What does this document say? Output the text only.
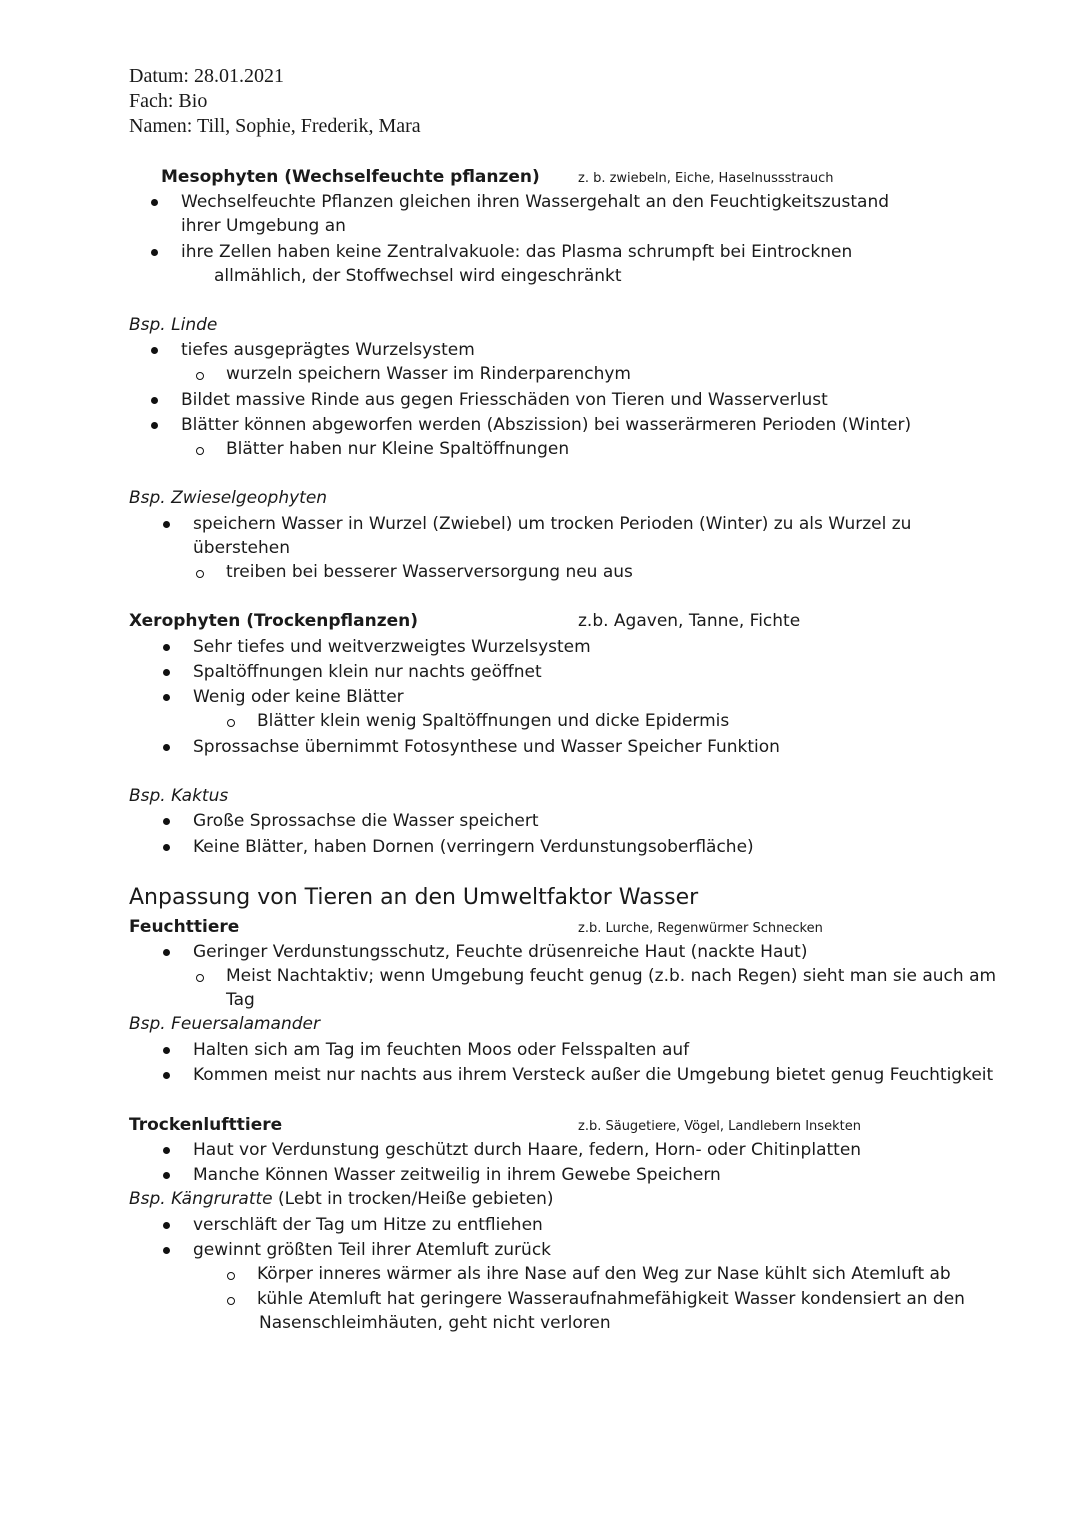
Datum: 28.01.2021
Fach: Bio
Namen: Till, Sophie, Frederik, Mara
Mesophyten (Wechselfeuchte pflanzen)	z. b. zwiebeln, Eiche, Haselnussstrauch
Wechselfeuchte Pflanzen gleichen ihren Wassergehalt an den Feuchtigkeitszustand
ihrer Umgebung an
ihre Zellen haben keine Zentralvakuole: das Plasma schrumpft bei Eintrocknen
allmählich, der Stoffwechsel wird eingeschränkt
Bsp. Linde
tiefes ausgeprägtes Wurzelsystem
wurzeln speichern Wasser im Rinderparenchym
Bildet massive Rinde aus gegen Friesschäden von Tieren und Wasserverlust
Blätter können abgeworfen werden (Abszission) bei wasserärmeren Perioden (Winter)
Blätter haben nur Kleine Spaltöffnungen
Bsp. Zwieselgeophyten
speichern Wasser in Wurzel (Zwiebel) um trocken Perioden (Winter) zu als Wurzel zu
überstehen
treiben bei besserer Wasserversorgung neu aus
Xerophyten (Trockenpflanzen)	z.b. Agaven, Tanne, Fichte
Sehr tiefes und weitverzweigtes Wurzelsystem
Spaltöffnungen klein nur nachts geöffnet
Wenig oder keine Blätter
Blätter klein wenig Spaltöffnungen und dicke Epidermis
Sprossachse übernimmt Fotosynthese und Wasser Speicher Funktion
Bsp. Kaktus
Große Sprossachse die Wasser speichert
Keine Blätter, haben Dornen (verringern Verdunstungsoberfläche)
Anpassung von Tieren an den Umweltfaktor Wasser
Feuchttiere	z.b. Lurche, Regenwürmer Schnecken
Geringer Verdunstungsschutz, Feuchte drüsenreiche Haut (nackte Haut)
Meist Nachtaktiv; wenn Umgebung feucht genug (z.b. nach Regen) sieht man sie auch am
Tag
Bsp. Feuersalamander
Halten sich am Tag im feuchten Moos oder Felsspalten auf
Kommen meist nur nachts aus ihrem Versteck außer die Umgebung bietet genug Feuchtigkeit
Trockenlufttiere	z.b. Säugetiere, Vögel, Landlebern Insekten
Haut vor Verdunstung geschützt durch Haare, federn, Horn- oder Chitinplatten
Manche Können Wasser zeitweilig in ihrem Gewebe Speichern
Bsp. Kängruratte (Lebt in trocken/Heiße gebieten)
verschläft der Tag um Hitze zu entfliehen
gewinnt größten Teil ihrer Atemluft zurück
Körper inneres wärmer als ihre Nase auf den Weg zur Nase kühlt sich Atemluft ab
kühle Atemluft hat geringere Wasseraufnahmefähigkeit Wasser kondensiert an den
Nasenschleimhäuten, geht nicht verloren
